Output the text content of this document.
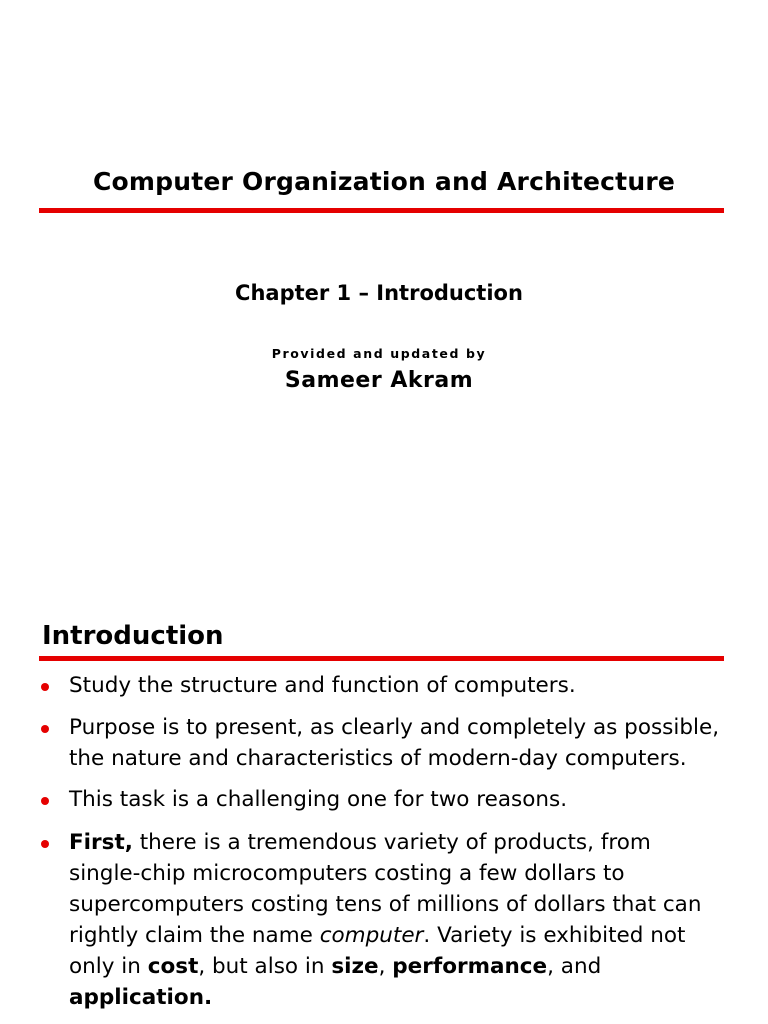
Computer Organization and Architecture
Chapter 1 – Introduction
Provided and updated by
Sameer Akram
Introduction
Study the structure and function of computers.
Purpose is to present, as clearly and completely as possible, the nature and characteristics of modern-day computers.
This task is a challenging one for two reasons.
First, there is a tremendous variety of products, from single-chip microcomputers costing a few dollars to supercomputers costing tens of millions of dollars that can rightly claim the name computer. Variety is exhibited not only in cost, but also in size, performance, and application.
